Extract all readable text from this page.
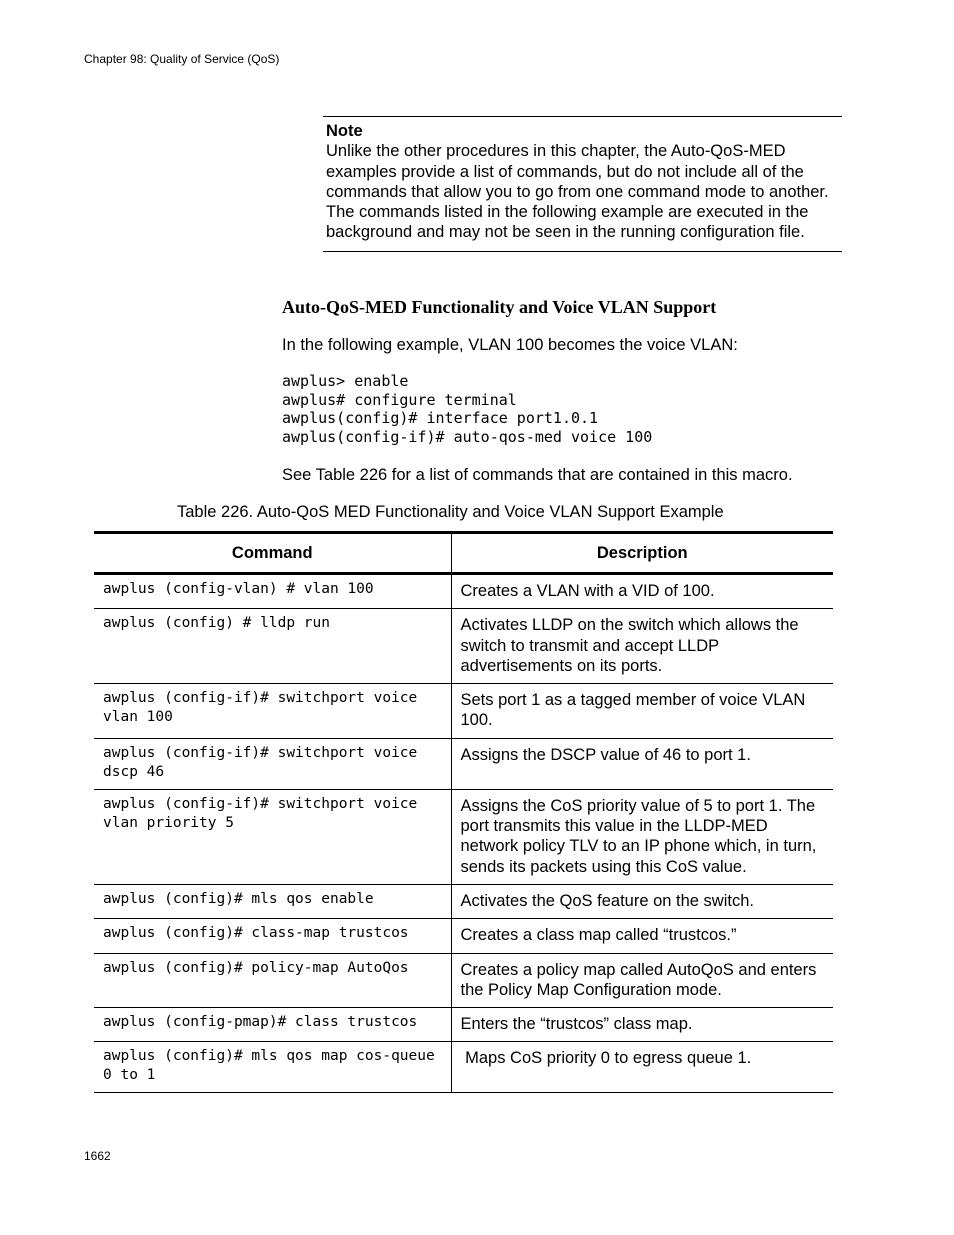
Chapter 98: Quality of Service (QoS)
Note
Unlike the other procedures in this chapter, the Auto-QoS-MED examples provide a list of commands, but do not include all of the commands that allow you to go from one command mode to another. The commands listed in the following example are executed in the background and may not be seen in the running configuration file.
Auto-QoS-MED Functionality and Voice VLAN Support
In the following example, VLAN 100 becomes the voice VLAN:
awplus> enable
awplus# configure terminal
awplus(config)# interface port1.0.1
awplus(config-if)# auto-qos-med voice 100
See Table 226 for a list of commands that are contained in this macro.
Table 226. Auto-QoS MED Functionality and Voice VLAN Support Example
Command	Description
awplus (config-vlan) # vlan 100	Creates a VLAN with a VID of 100.
awplus (config) # lldp run	Activates LLDP on the switch which allows the switch to transmit and accept LLDP advertisements on its ports.
awplus (config-if)# switchport voice vlan 100	Sets port 1 as a tagged member of voice VLAN 100.
awplus (config-if)# switchport voice dscp 46	Assigns the DSCP value of 46 to port 1.
awplus (config-if)# switchport voice vlan priority 5	Assigns the CoS priority value of 5 to port 1. The port transmits this value in the LLDP-MED network policy TLV to an IP phone which, in turn, sends its packets using this CoS value.
awplus (config)# mls qos enable	Activates the QoS feature on the switch.
awplus (config)# class-map trustcos	Creates a class map called “trustcos.”
awplus (config)# policy-map AutoQos	Creates a policy map called AutoQoS and enters the Policy Map Configuration mode.
awplus (config-pmap)# class trustcos	Enters the “trustcos” class map.
awplus (config)# mls qos map cos-queue 0 to 1	Maps CoS priority 0 to egress queue 1.
1662
